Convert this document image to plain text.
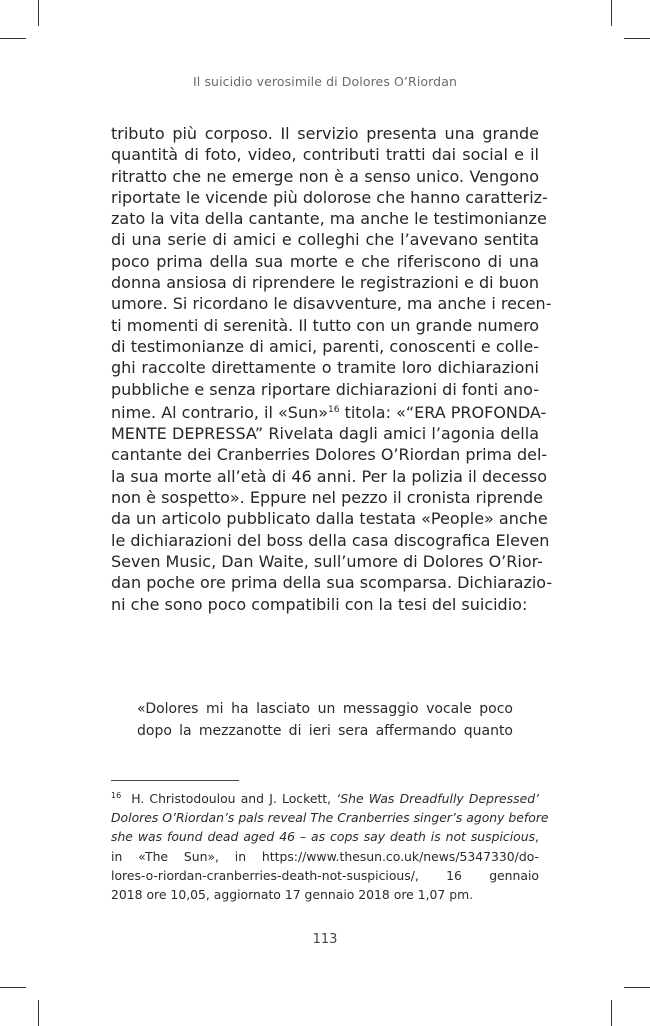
Il suicidio verosimile di Dolores O’Riordan
tributo più corposo. Il servizio presenta una grande
quantità di foto, video, contributi tratti dai social e il
ritratto che ne emerge non è a senso unico. Vengono
riportate le vicende più dolorose che hanno caratteriz-
zato la vita della cantante, ma anche le testimonianze
di una serie di amici e colleghi che l’avevano sentita
poco prima della sua morte e che riferiscono di una
donna ansiosa di riprendere le registrazioni e di buon
umore. Si ricordano le disavventure, ma anche i recen-
ti momenti di serenità. Il tutto con un grande numero
di testimonianze di amici, parenti, conoscenti e colle-
ghi raccolte direttamente o tramite loro dichiarazioni
pubbliche e senza riportare dichiarazioni di fonti ano-
nime. Al contrario, il «Sun»$^{16}$ titola: «“ERA PROFONDA-
MENTE DEPRESSA” Rivelata dagli amici l’agonia della
cantante dei Cranberries Dolores O’Riordan prima del-
la sua morte all’età di 46 anni. Per la polizia il decesso
non è sospetto». Eppure nel pezzo il cronista riprende
da un articolo pubblicato dalla testata «People» anche
le dichiarazioni del boss della casa discografica Eleven
Seven Music, Dan Waite, sull’umore di Dolores O’Rior-
dan poche ore prima della sua scomparsa. Dichiarazio-
ni che sono poco compatibili con la tesi del suicidio:
«Dolores mi ha lasciato un messaggio vocale poco
dopo la mezzanotte di ieri sera affermando quanto
$^{16}$ H. Christodoulou and J. Lockett, ‘She Was Dreadfully Depressed’
Dolores O’Riordan’s pals reveal The Cranberries singer’s agony before
she was found dead aged 46 – as cops say death is not suspicious,
in «The Sun», in https://www.thesun.co.uk/news/5347330/do-
lores-o-riordan-cranberries-death-not-suspicious/, 16 gennaio
2018 ore 10,05, aggiornato 17 gennaio 2018 ore 1,07 pm.
113
